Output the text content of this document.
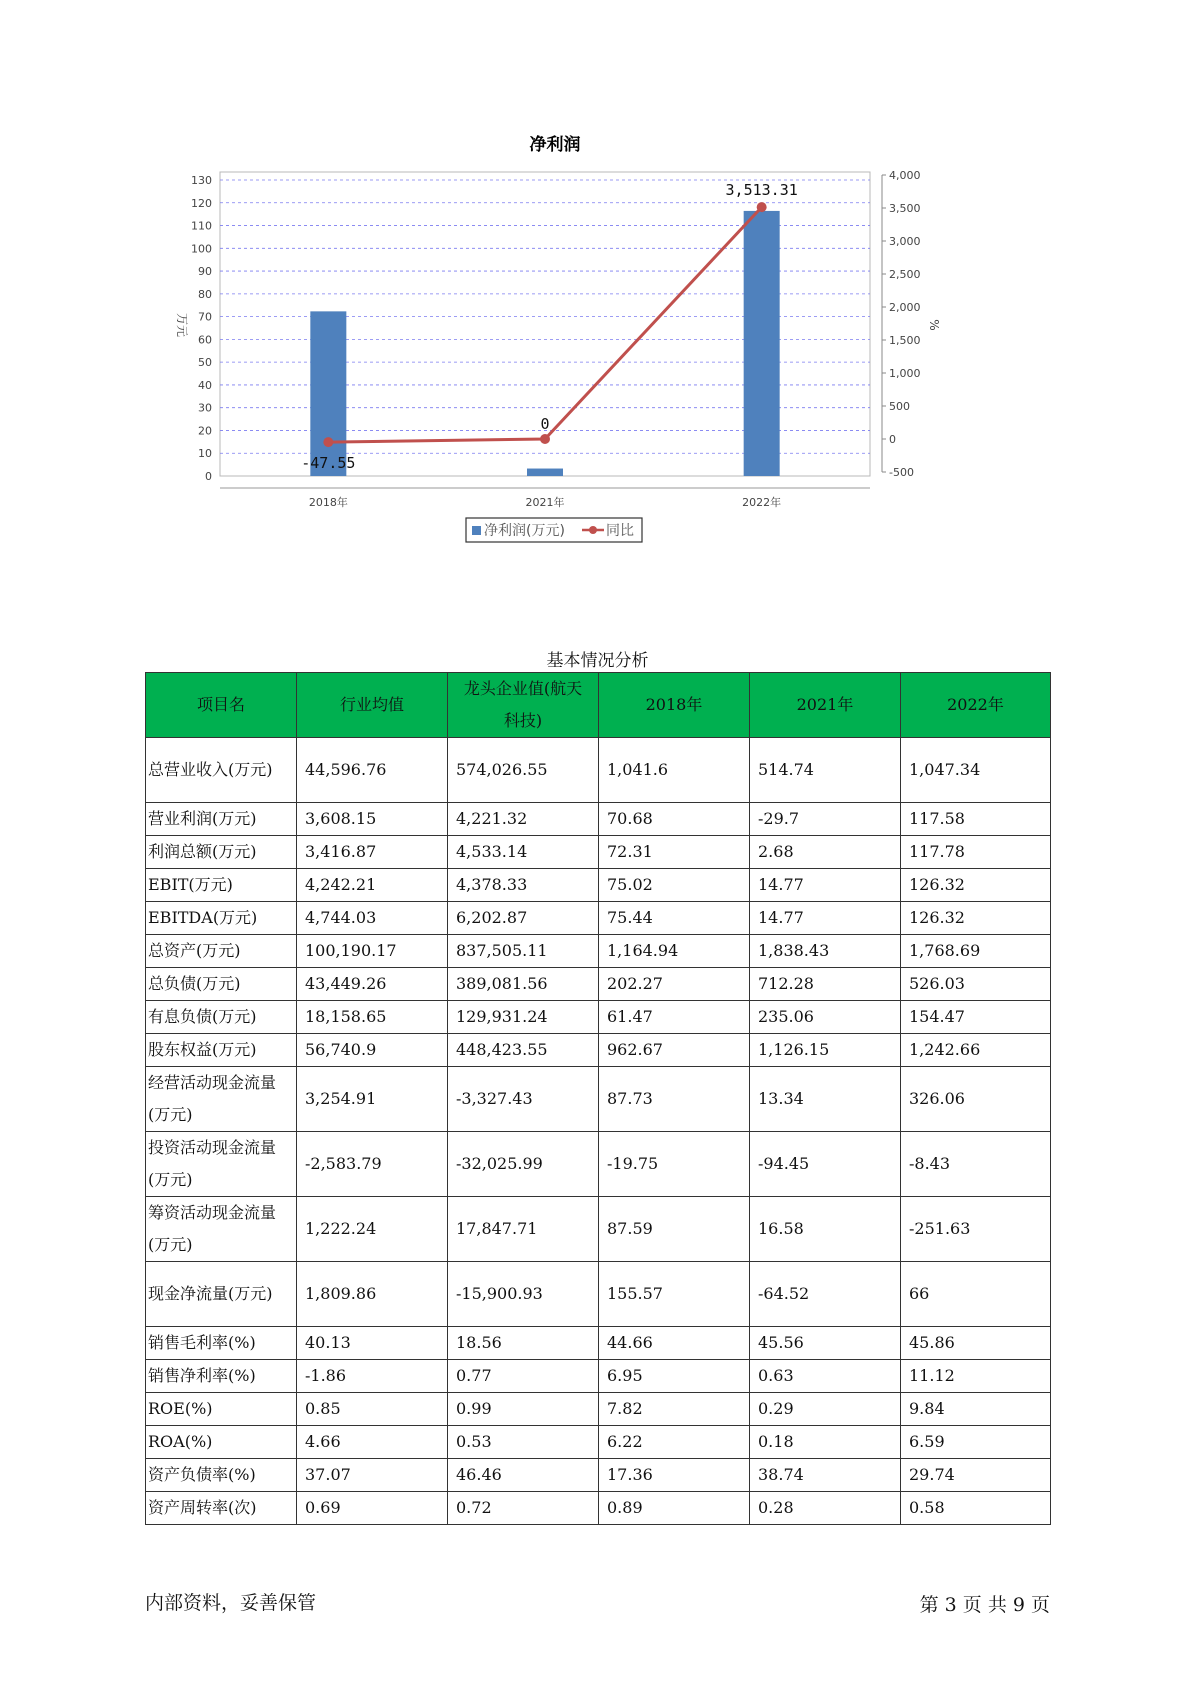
净利润
0
10
20
30
40
50
60
70
80
90
100
110
120
130
-500
0
500
1,000
1,500
2,000
2,500
3,000
3,500
4,000
万元	%
2018年	2021年	2022年
-47.55
0
3,513.31
净利润(万元)	同比
基本情况分析
项目名	行业均值	龙头企业值(航天科技)	2018年	2021年	2022年
总营业收入(万元)	44,596.76	574,026.55	1,041.6	514.74	1,047.34
营业利润(万元)	3,608.15	4,221.32	70.68	-29.7	117.58
利润总额(万元)	3,416.87	4,533.14	72.31	2.68	117.78
EBIT(万元)	4,242.21	4,378.33	75.02	14.77	126.32
EBITDA(万元)	4,744.03	6,202.87	75.44	14.77	126.32
总资产(万元)	100,190.17	837,505.11	1,164.94	1,838.43	1,768.69
总负债(万元)	43,449.26	389,081.56	202.27	712.28	526.03
有息负债(万元)	18,158.65	129,931.24	61.47	235.06	154.47
股东权益(万元)	56,740.9	448,423.55	962.67	1,126.15	1,242.66
经营活动现金流量(万元)	3,254.91	-3,327.43	87.73	13.34	326.06
投资活动现金流量(万元)	-2,583.79	-32,025.99	-19.75	-94.45	-8.43
筹资活动现金流量(万元)	1,222.24	17,847.71	87.59	16.58	-251.63
现金净流量(万元)	1,809.86	-15,900.93	155.57	-64.52	66
销售毛利率(%)	40.13	18.56	44.66	45.56	45.86
销售净利率(%)	-1.86	0.77	6.95	0.63	11.12
ROE(%)	0.85	0.99	7.82	0.29	9.84
ROA(%)	4.66	0.53	6.22	0.18	6.59
资产负债率(%)	37.07	46.46	17.36	38.74	29.74
资产周转率(次)	0.69	0.72	0.89	0.28	0.58
内部资料，妥善保管	第 3 页 共 9 页
